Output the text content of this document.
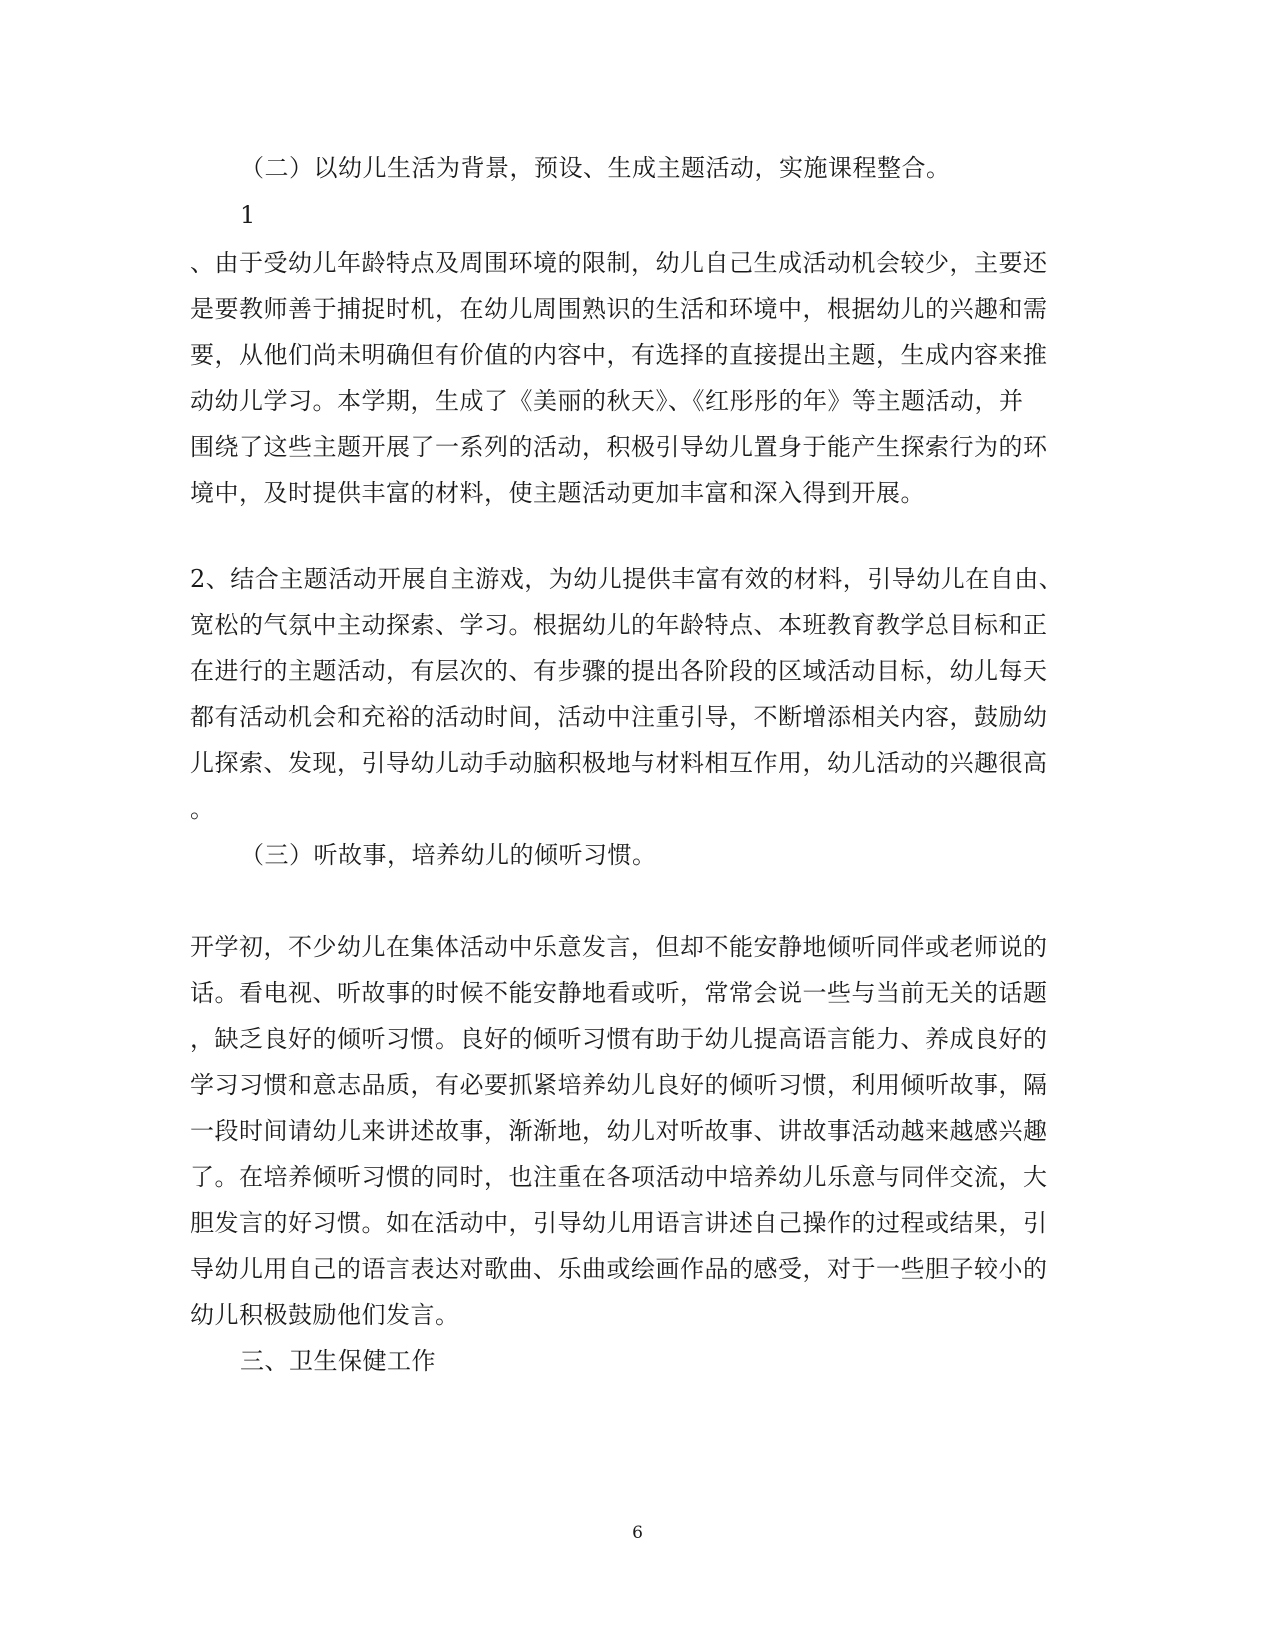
（二）以幼儿生活为背景，预设、生成主题活动，实施课程整合。
1
、由于受幼儿年龄特点及周围环境的限制，幼儿自己生成活动机会较少，主要还
是要教师善于捕捉时机，在幼儿周围熟识的生活和环境中，根据幼儿的兴趣和需
要，从他们尚未明确但有价值的内容中，有选择的直接提出主题，生成内容来推
动幼儿学习。本学期，生成了《美丽的秋天》、《红彤彤的年》等主题活动，并
围绕了这些主题开展了一系列的活动，积极引导幼儿置身于能产生探索行为的环
境中，及时提供丰富的材料，使主题活动更加丰富和深入得到开展。
2、结合主题活动开展自主游戏，为幼儿提供丰富有效的材料，引导幼儿在自由、
宽松的气氛中主动探索、学习。根据幼儿的年龄特点、本班教育教学总目标和正
在进行的主题活动，有层次的、有步骤的提出各阶段的区域活动目标，幼儿每天
都有活动机会和充裕的活动时间，活动中注重引导，不断增添相关内容，鼓励幼
儿探索、发现，引导幼儿动手动脑积极地与材料相互作用，幼儿活动的兴趣很高
。
（三）听故事，培养幼儿的倾听习惯。
开学初，不少幼儿在集体活动中乐意发言，但却不能安静地倾听同伴或老师说的
话。看电视、听故事的时候不能安静地看或听，常常会说一些与当前无关的话题
，缺乏良好的倾听习惯。良好的倾听习惯有助于幼儿提高语言能力、养成良好的
学习习惯和意志品质，有必要抓紧培养幼儿良好的倾听习惯，利用倾听故事，隔
一段时间请幼儿来讲述故事，渐渐地，幼儿对听故事、讲故事活动越来越感兴趣
了。在培养倾听习惯的同时，也注重在各项活动中培养幼儿乐意与同伴交流，大
胆发言的好习惯。如在活动中，引导幼儿用语言讲述自己操作的过程或结果，引
导幼儿用自己的语言表达对歌曲、乐曲或绘画作品的感受，对于一些胆子较小的
幼儿积极鼓励他们发言。
三、卫生保健工作
6
